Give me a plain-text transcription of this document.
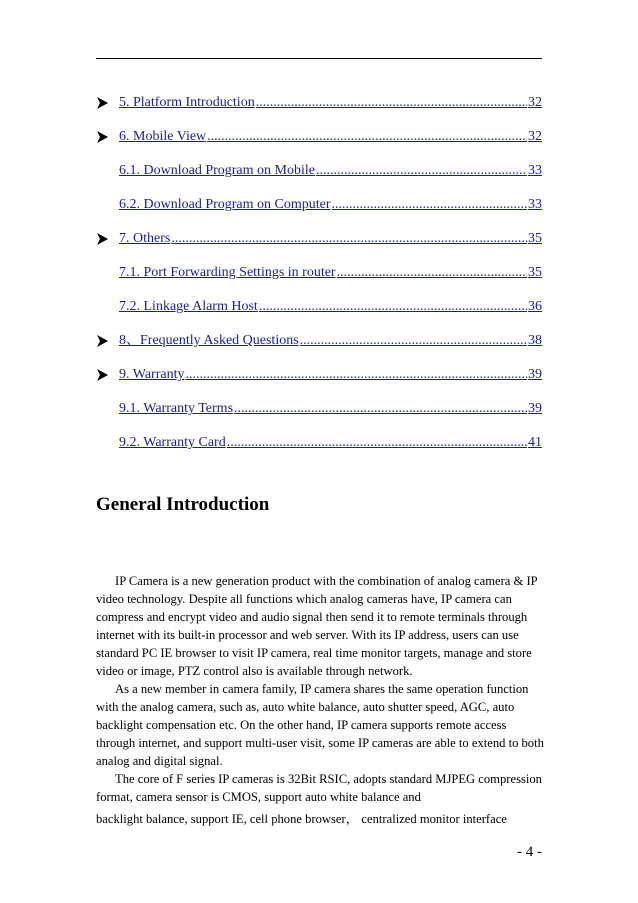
5. Platform Introduction .....	32
6. Mobile View .....	32
6.1. Download Program on Mobile .....	33
6.2. Download Program on Computer .....	33
7. Others .....	35
7.1. Port Forwarding Settings in router .....	35
7.2. Linkage Alarm Host .....	36
8、Frequently Asked Questions .....	38
9. Warranty .....	39
9.1. Warranty Terms .....	39
9.2. Warranty Card .....	41
General Introduction

IP Camera is a new generation product with the combination of analog camera & IP video technology. Despite all functions which analog cameras have, IP camera can compress and encrypt video and audio signal then send it to remote terminals through internet with its built-in processor and web server. With its IP address, users can use standard PC IE browser to visit IP camera, real time monitor targets, manage and store video or image, PTZ control also is available through network.

As a new member in camera family, IP camera shares the same operation function with the analog camera, such as, auto white balance, auto shutter speed, AGC, auto backlight compensation etc. On the other hand, IP camera supports remote access through internet, and support multi-user visit, some IP cameras are able to extend to both analog and digital signal.

The core of F series IP cameras is 32Bit RSIC, adopts standard MJPEG compression format, camera sensor is CMOS, support auto white balance and

backlight balance, support IE, cell phone browser， centralized monitor interface
- 4 -
